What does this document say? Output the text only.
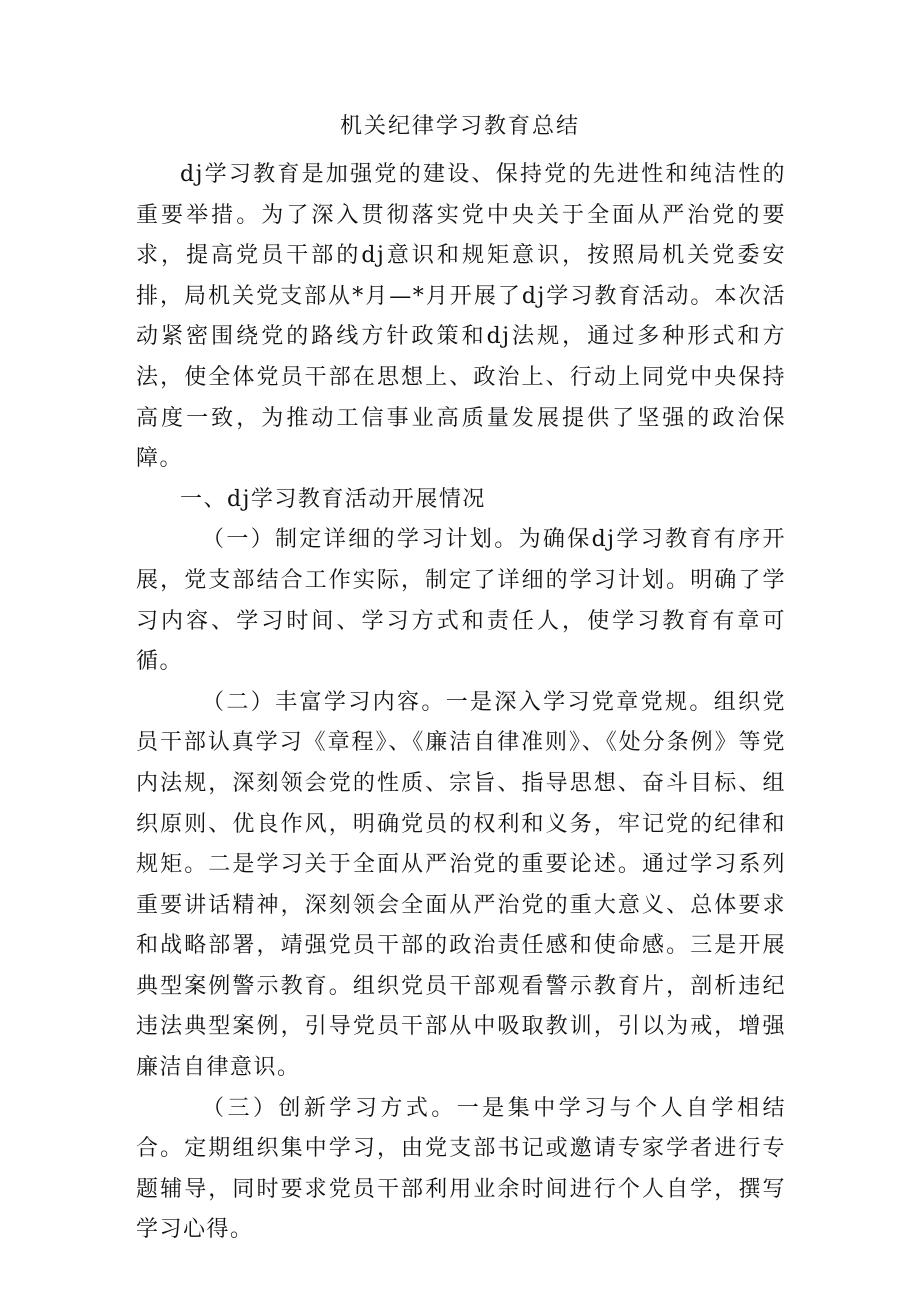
机关纪律学习教育总结

dj学习教育是加强党的建设、保持党的先进性和纯洁性的重要举措。为了深入贯彻落实党中央关于全面从严治党的要求，提高党员干部的dj意识和规矩意识，按照局机关党委安排，局机关党支部从*月—*月开展了dj学习教育活动。本次活动紧密围绕党的路线方针政策和dj法规，通过多种形式和方法，使全体党员干部在思想上、政治上、行动上同党中央保持高度一致，为推动工信事业高质量发展提供了坚强的政治保障。

一、dj学习教育活动开展情况

（一）制定详细的学习计划。为确保dj学习教育有序开展，党支部结合工作实际，制定了详细的学习计划。明确了学习内容、学习时间、学习方式和责任人，使学习教育有章可循。

（二）丰富学习内容。一是深入学习党章党规。组织党员干部认真学习《章程》、《廉洁自律准则》、《处分条例》等党内法规，深刻领会党的性质、宗旨、指导思想、奋斗目标、组织原则、优良作风，明确党员的权利和义务，牢记党的纪律和规矩。二是学习关于全面从严治党的重要论述。通过学习系列重要讲话精神，深刻领会全面从严治党的重大意义、总体要求和战略部署，靖强党员干部的政治责任感和使命感。三是开展典型案例警示教育。组织党员干部观看警示教育片，剖析违纪违法典型案例，引导党员干部从中吸取教训，引以为戒，增强廉洁自律意识。

（三）创新学习方式。一是集中学习与个人自学相结合。定期组织集中学习，由党支部书记或邀请专家学者进行专题辅导，同时要求党员干部利用业余时间进行个人自学，撰写学习心得。
